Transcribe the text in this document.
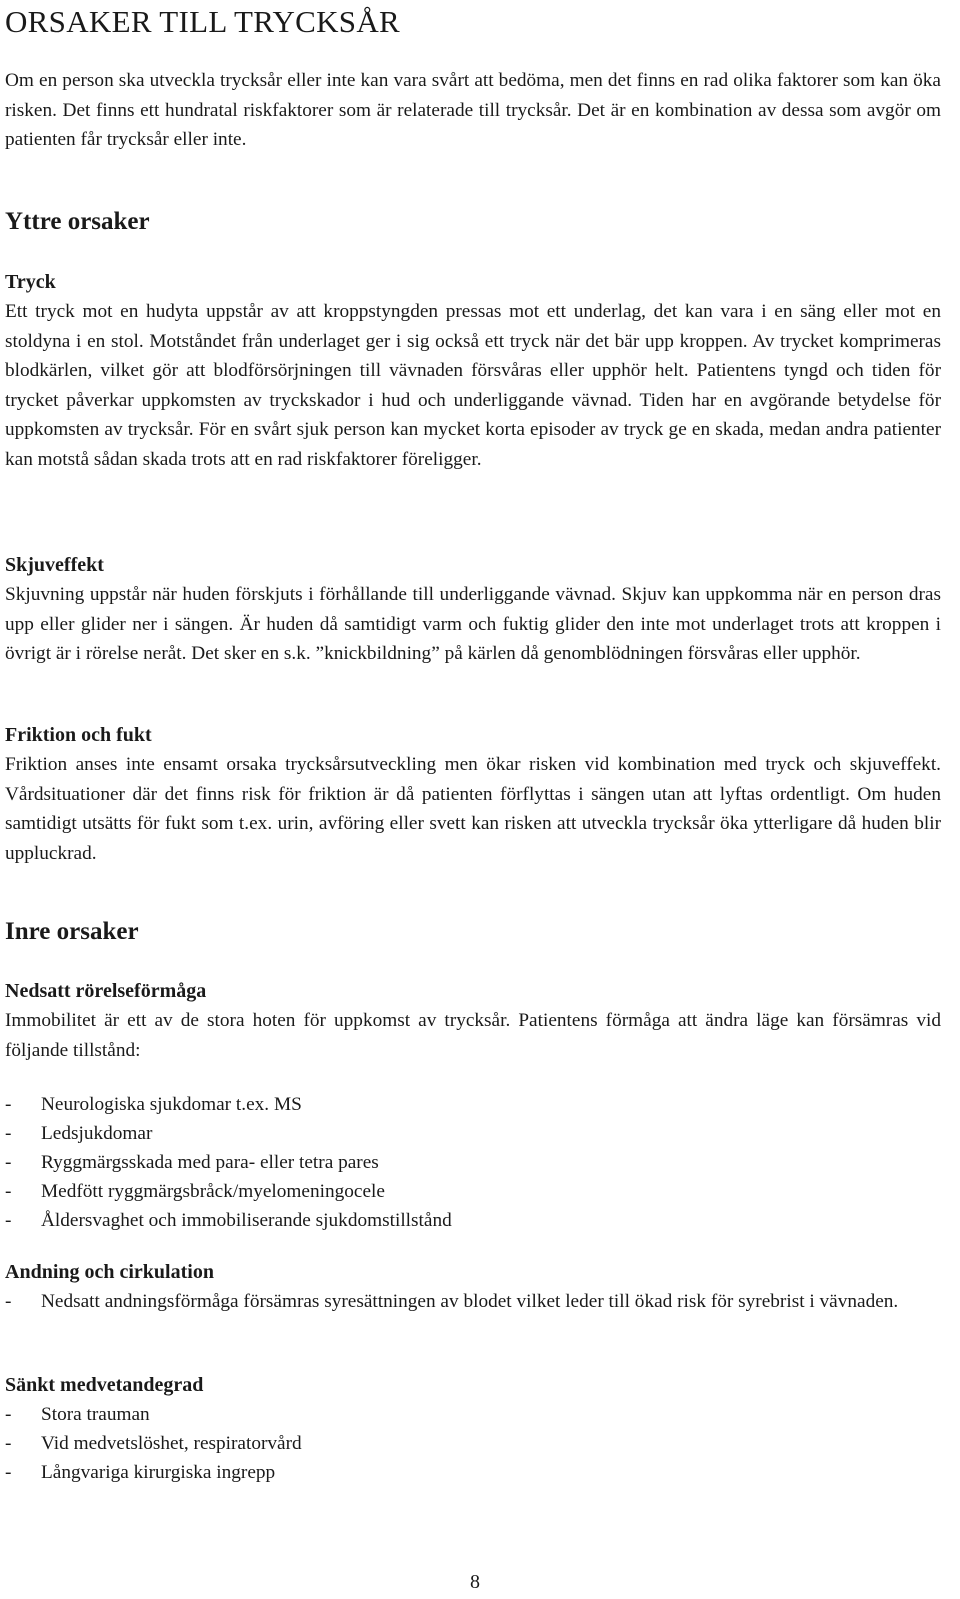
ORSAKER TILL TRYCKSÅR

Om en person ska utveckla trycksår eller inte kan vara svårt att bedöma, men det finns en rad olika faktorer som kan öka risken. Det finns ett hundratal riskfaktorer som är relaterade till trycksår. Det är en kombination av dessa som avgör om patienten får trycksår eller inte.

Yttre orsaker
Tryck

Ett tryck mot en hudyta uppstår av att kroppstyngden pressas mot ett underlag, det kan vara i en säng eller mot en stoldyna i en stol. Motståndet från underlaget ger i sig också ett tryck när det bär upp kroppen. Av trycket komprimeras blodkärlen, vilket gör att blodförsörjningen till vävnaden försvåras eller upphör helt. Patientens tyngd och tiden för trycket påverkar uppkomsten av tryckskador i hud och underliggande vävnad. Tiden har en avgörande betydelse för uppkomsten av trycksår. För en svårt sjuk person kan mycket korta episoder av tryck ge en skada, medan andra patienter kan motstå sådan skada trots att en rad riskfaktorer föreligger.

Skjuveffekt

Skjuvning uppstår när huden förskjuts i förhållande till underliggande vävnad. Skjuv kan uppkomma när en person dras upp eller glider ner i sängen. Är huden då samtidigt varm och fuktig glider den inte mot underlaget trots att kroppen i övrigt är i rörelse neråt. Det sker en s.k. ”knickbildning” på kärlen då genomblödningen försvåras eller upphör.

Friktion och fukt

Friktion anses inte ensamt orsaka trycksårsutveckling men ökar risken vid kombination med tryck och skjuveffekt. Vårdsituationer där det finns risk för friktion är då patienten förflyttas i sängen utan att lyftas ordentligt. Om huden samtidigt utsätts för fukt som t.ex. urin, avföring eller svett kan risken att utveckla trycksår öka ytterligare då huden blir uppluckrad.

Inre orsaker
Nedsatt rörelseförmåga

Immobilitet är ett av de stora hoten för uppkomst av trycksår. Patientens förmåga att ändra läge kan försämras vid följande tillstånd:

- Neurologiska sjukdomar t.ex. MS
- Ledsjukdomar
- Ryggmärgsskada med para- eller tetra pares
- Medfött ryggmärgsbråck/myelomeningocele
- Åldersvaghet och immobiliserande sjukdomstillstånd
Andning och cirkulation
- Nedsatt andningsförmåga försämras syresättningen av blodet vilket leder till ökad risk för syrebrist i vävnaden.
Sänkt medvetandegrad
- Stora trauman
- Vid medvetslöshet, respiratorvård
- Långvariga kirurgiska ingrepp

8
